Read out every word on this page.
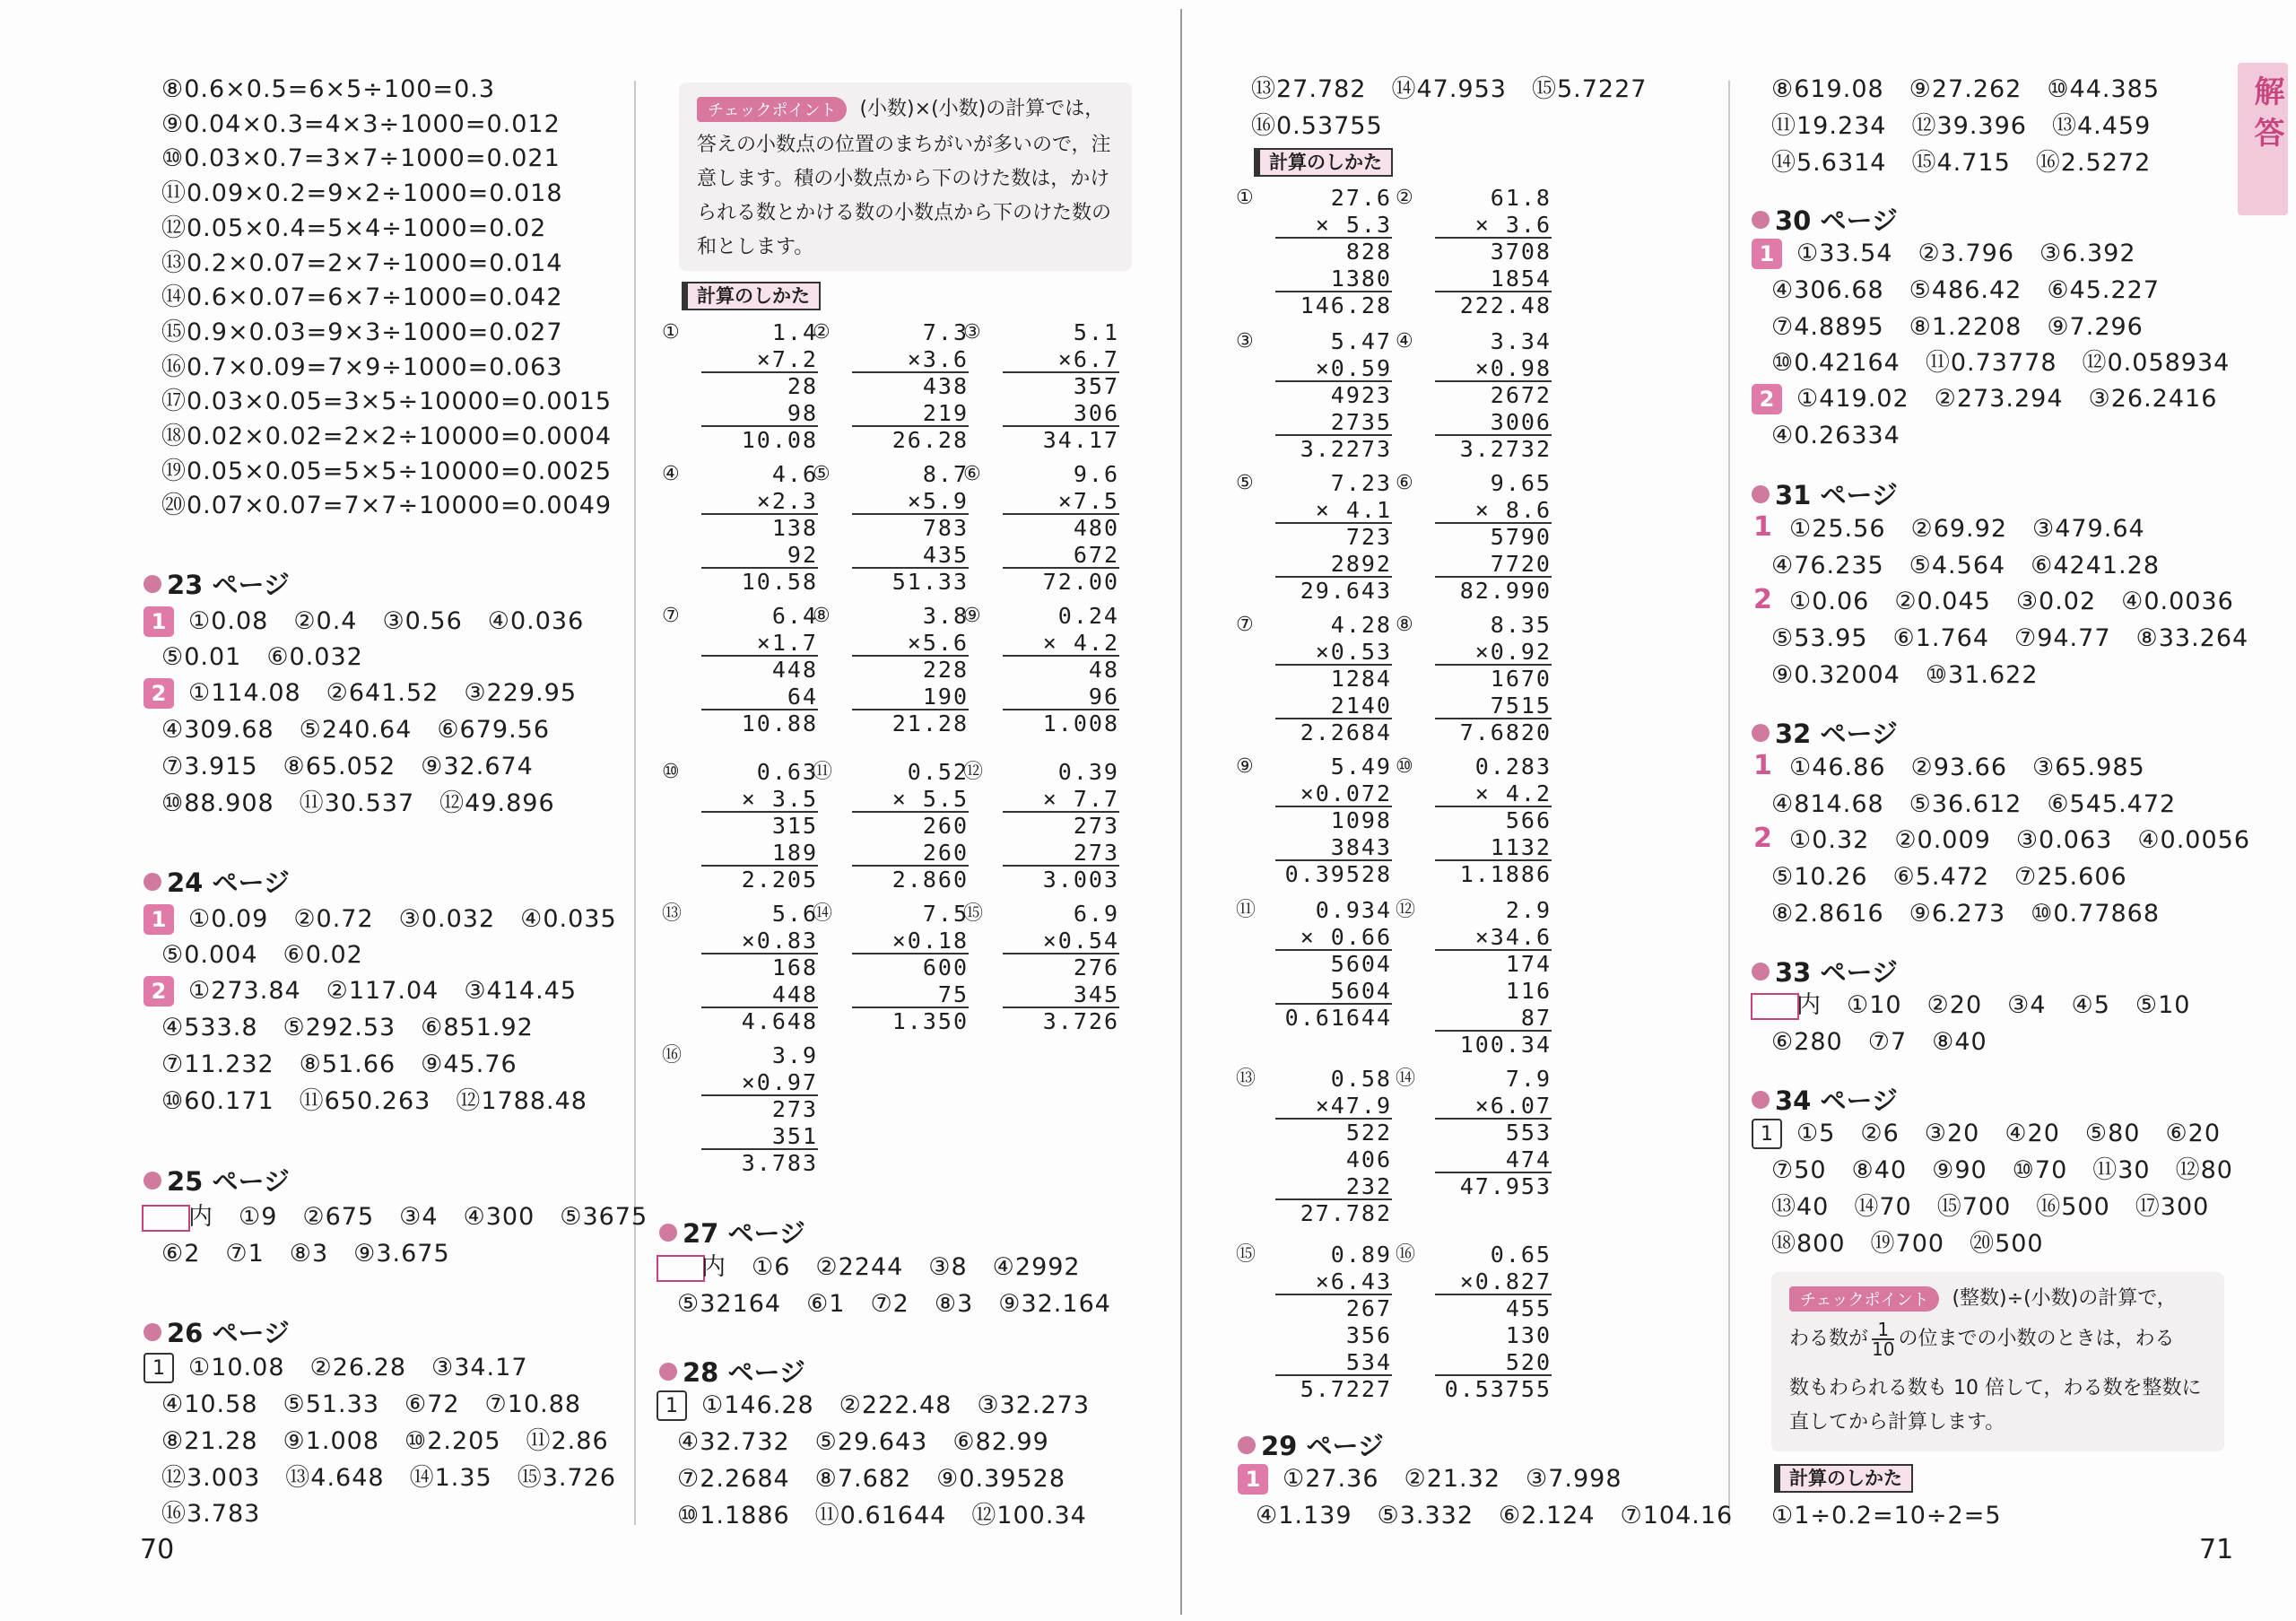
⑧0.6×0.5=6×5÷100=0.3
⑨0.04×0.3=4×3÷1000=0.012
⑩0.03×0.7=3×7÷1000=0.021
⑪0.09×0.2=9×2÷1000=0.018
⑫0.05×0.4=5×4÷1000=0.02
⑬0.2×0.07=2×7÷1000=0.014
⑭0.6×0.07=6×7÷1000=0.042
⑮0.9×0.03=9×3÷1000=0.027
⑯0.7×0.09=7×9÷1000=0.063
⑰0.03×0.05=3×5÷10000=0.0015
⑱0.02×0.02=2×2÷10000=0.0004
⑲0.05×0.05=5×5÷10000=0.0025
⑳0.07×0.07=7×7÷10000=0.0049
23 ページ
1 ①0.08　②0.4　③0.56　④0.036
⑤0.01　⑥0.032
2 ①114.08　②641.52　③229.95
④309.68　⑤240.64　⑥679.56
⑦3.915　⑧65.052　⑨32.674
⑩88.908　⑪30.537　⑫49.896
24 ページ
1 ①0.09　②0.72　③0.032　④0.035
⑤0.004　⑥0.02
2 ①273.84　②117.04　③414.45
④533.8　⑤292.53　⑥851.92
⑦11.232　⑧51.66　⑨45.76
⑩60.171　⑪650.263　⑫1788.48
25 ページ
内　①9　②675　③4　④300　⑤3675
⑥2　⑦1　⑧3　⑨3.675
26 ページ
1 ①10.08　②26.28　③34.17
④10.58　⑤51.33　⑥72　⑦10.88
⑧21.28　⑨1.008　⑩2.205　⑪2.86
⑫3.003　⑬4.648　⑭1.35　⑮3.726
⑯3.783
70
チェックポイント (小数)×(小数)の計算では，
答えの小数点の位置のまちがいが多いので，注
意します。積の小数点から下のけた数は，かけ
られる数とかける数の小数点から下のけた数の
和とします。
計算のしかた
①	1.4
×7.2
28
98
10.08
②	7.3
×3.6
438
219
26.28
③	5.1
×6.7
357
306
34.17
④	4.6
×2.3
138
92
10.58
⑤	8.7
×5.9
783
435
51.33
⑥	9.6
×7.5
480
672
72.00
⑦	6.4
×1.7
448
64
10.88
⑧	3.8
×5.6
228
190
21.28
⑨	0.24
× 4.2
48
96
1.008
⑩	0.63
× 3.5
315
189
2.205
⑪	0.52
× 5.5
260
260
2.860
⑫	0.39
× 7.7
273
273
3.003
⑬	5.6
×0.83
168
448
4.648
⑭	7.5
×0.18
600
75
1.350
⑮	6.9
×0.54
276
345
3.726
⑯	3.9
×0.97
273
351
3.783
27 ページ
内　①6　②2244　③8　④2992
⑤32164　⑥1　⑦2　⑧3　⑨32.164
28 ページ
1 ①146.28　②222.48　③32.273
④32.732　⑤29.643　⑥82.99
⑦2.2684　⑧7.682　⑨0.39528
⑩1.1886　⑪0.61644　⑫100.34
⑬27.782　⑭47.953　⑮5.7227
⑯0.53755
計算のしかた
①	27.6
× 5.3
828
1380
146.28
②	61.8
× 3.6
3708
1854
222.48
③	5.47
×0.59
4923
2735
3.2273
④	3.34
×0.98
2672
3006
3.2732
⑤	7.23
× 4.1
723
2892
29.643
⑥	9.65
× 8.6
5790
7720
82.990
⑦	4.28
×0.53
1284
2140
2.2684
⑧	8.35
×0.92
1670
7515
7.6820
⑨	5.49
×0.072
1098
3843
0.39528
⑩	0.283
× 4.2
566
1132
1.1886
⑪	0.934
× 0.66
5604
5604
0.61644
⑫	2.9
×34.6
174
116
87
100.34
⑬	0.58
×47.9
522
406
232
27.782
⑭	7.9
×6.07
553
474
47.953
⑮	0.89
×6.43
267
356
534
5.7227
⑯	0.65
×0.827
455
130
520
0.53755
29 ページ
1 ①27.36　②21.32　③7.998
④1.139　⑤3.332　⑥2.124　⑦104.16
⑧619.08　⑨27.262　⑩44.385
⑪19.234　⑫39.396　⑬4.459
⑭5.6314　⑮4.715　⑯2.5272
解答
30 ページ
1 ①33.54　②3.796　③6.392
④306.68　⑤486.42　⑥45.227
⑦4.8895　⑧1.2208　⑨7.296
⑩0.42164　⑪0.73778　⑫0.058934
2 ①419.02　②273.294　③26.2416
④0.26334
31 ページ
1 ①25.56　②69.92　③479.64
④76.235　⑤4.564　⑥4241.28
2 ①0.06　②0.045　③0.02　④0.0036
⑤53.95　⑥1.764　⑦94.77　⑧33.264
⑨0.32004　⑩31.622
32 ページ
1 ①46.86　②93.66　③65.985
④814.68　⑤36.612　⑥545.472
2 ①0.32　②0.009　③0.063　④0.0056
⑤10.26　⑥5.472　⑦25.606
⑧2.8616　⑨6.273　⑩0.77868
33 ページ
内　①10　②20　③4　④5　⑤10
⑥280　⑦7　⑧40
34 ページ
1 ①5　②6　③20　④20　⑤80　⑥20
⑦50　⑧40　⑨90　⑩70　⑪30　⑫80
⑬40　⑭70　⑮700　⑯500　⑰300
⑱800　⑲700　⑳500
チェックポイント (整数)÷(小数)の計算で，
わる数が $\frac{1}{10}$ の位までの小数のときは，わる
数もわられる数も 10 倍して，わる数を整数に
直してから計算します。
計算のしかた
①1÷0.2=10÷2=5
71
